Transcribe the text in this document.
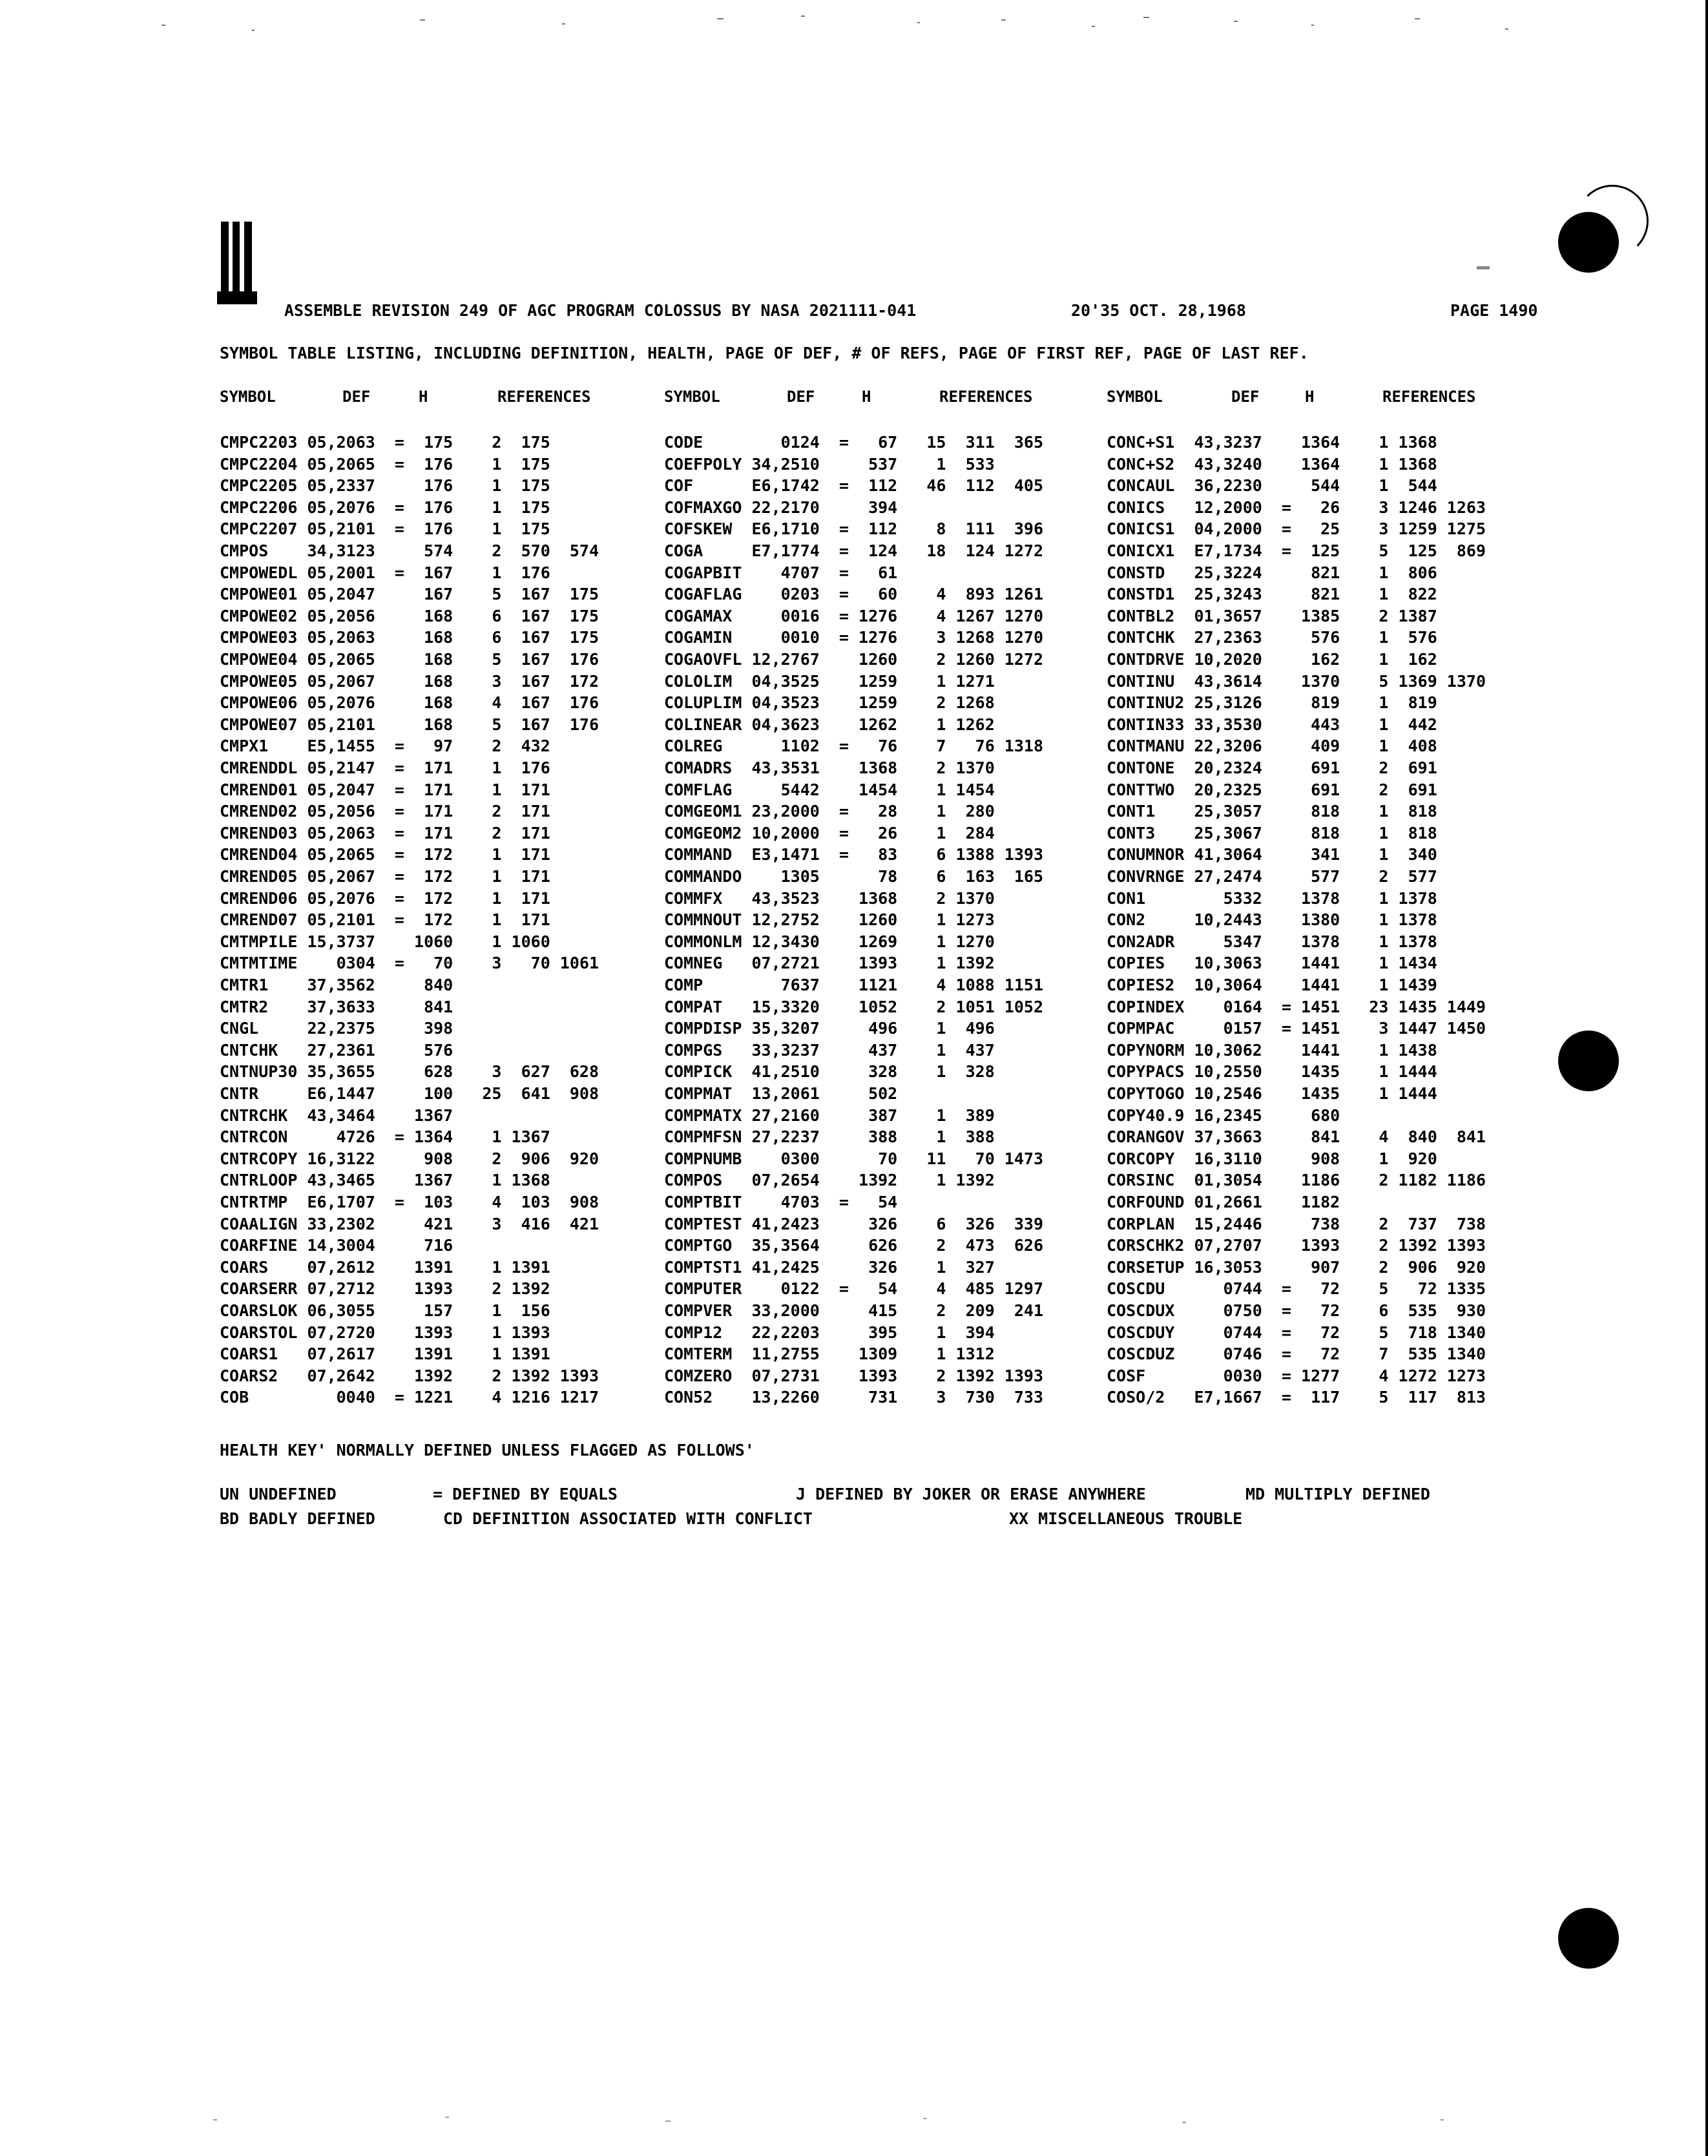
ASSEMBLE REVISION 249 OF AGC PROGRAM COLOSSUS BY NASA 2021111-041	20'35 OCT. 28,1968	PAGE 1490
SYMBOL TABLE LISTING, INCLUDING DEFINITION, HEALTH, PAGE OF DEF, # OF REFS, PAGE OF FIRST REF, PAGE OF LAST REF.
SYMBOL	DEF	H	REFERENCES	SYMBOL	DEF	H	REFERENCES	SYMBOL	DEF	H	REFERENCES
CMPC2203 05,2063  =  175    2  175
CMPC2204 05,2065  =  176    1  175
CMPC2205 05,2337     176    1  175
CMPC2206 05,2076  =  176    1  175
CMPC2207 05,2101  =  176    1  175
CMPOS    34,3123     574    2  570  574
CMPOWEDL 05,2001  =  167    1  176
CMPOWE01 05,2047     167    5  167  175
CMPOWE02 05,2056     168    6  167  175
CMPOWE03 05,2063     168    6  167  175
CMPOWE04 05,2065     168    5  167  176
CMPOWE05 05,2067     168    3  167  172
CMPOWE06 05,2076     168    4  167  176
CMPOWE07 05,2101     168    5  167  176
CMPX1    E5,1455  =   97    2  432
CMRENDDL 05,2147  =  171    1  176
CMREND01 05,2047  =  171    1  171
CMREND02 05,2056  =  171    2  171
CMREND03 05,2063  =  171    2  171
CMREND04 05,2065  =  172    1  171
CMREND05 05,2067  =  172    1  171
CMREND06 05,2076  =  172    1  171
CMREND07 05,2101  =  172    1  171
CMTMPILE 15,3737    1060    1 1060
CMTMTIME    0304  =   70    3   70 1061
CMTR1    37,3562     840
CMTR2    37,3633     841
CNGL     22,2375     398
CNTCHK   27,2361     576
CNTNUP30 35,3655     628    3  627  628
CNTR     E6,1447     100   25  641  908
CNTRCHK  43,3464    1367
CNTRCON     4726  = 1364    1 1367
CNTRCOPY 16,3122     908    2  906  920
CNTRLOOP 43,3465    1367    1 1368
CNTRTMP  E6,1707  =  103    4  103  908
COAALIGN 33,2302     421    3  416  421
COARFINE 14,3004     716
COARS    07,2612    1391    1 1391
COARSERR 07,2712    1393    2 1392
COARSLOK 06,3055     157    1  156
COARSTOL 07,2720    1393    1 1393
COARS1   07,2617    1391    1 1391
COARS2   07,2642    1392    2 1392 1393
COB         0040  = 1221    4 1216 1217
CODE        0124  =   67   15  311  365
COEFPOLY 34,2510     537    1  533
COF      E6,1742  =  112   46  112  405
COFMAXGO 22,2170     394
COFSKEW  E6,1710  =  112    8  111  396
COGA     E7,1774  =  124   18  124 1272
COGAPBIT    4707  =   61
COGAFLAG    0203  =   60    4  893 1261
COGAMAX     0016  = 1276    4 1267 1270
COGAMIN     0010  = 1276    3 1268 1270
COGAOVFL 12,2767    1260    2 1260 1272
COLOLIM  04,3525    1259    1 1271
COLUPLIM 04,3523    1259    2 1268
COLINEAR 04,3623    1262    1 1262
COLREG      1102  =   76    7   76 1318
COMADRS  43,3531    1368    2 1370
COMFLAG     5442    1454    1 1454
COMGEOM1 23,2000  =   28    1  280
COMGEOM2 10,2000  =   26    1  284
COMMAND  E3,1471  =   83    6 1388 1393
COMMANDO    1305      78    6  163  165
COMMFX   43,3523    1368    2 1370
COMMNOUT 12,2752    1260    1 1273
COMMONLM 12,3430    1269    1 1270
COMNEG   07,2721    1393    1 1392
COMP        7637    1121    4 1088 1151
COMPAT   15,3320    1052    2 1051 1052
COMPDISP 35,3207     496    1  496
COMPGS   33,3237     437    1  437
COMPICK  41,2510     328    1  328
COMPMAT  13,2061     502
COMPMATX 27,2160     387    1  389
COMPMFSN 27,2237     388    1  388
COMPNUMB    0300      70   11   70 1473
COMPOS   07,2654    1392    1 1392
COMPTBIT    4703  =   54
COMPTEST 41,2423     326    6  326  339
COMPTGO  35,3564     626    2  473  626
COMPTST1 41,2425     326    1  327
COMPUTER    0122  =   54    4  485 1297
COMPVER  33,2000     415    2  209  241
COMP12   22,2203     395    1  394
COMTERM  11,2755    1309    1 1312
COMZERO  07,2731    1393    2 1392 1393
CON52    13,2260     731    3  730  733
CONC+S1  43,3237    1364    1 1368
CONC+S2  43,3240    1364    1 1368
CONCAUL  36,2230     544    1  544
CONICS   12,2000  =   26    3 1246 1263
CONICS1  04,2000  =   25    3 1259 1275
CONICX1  E7,1734  =  125    5  125  869
CONSTD   25,3224     821    1  806
CONSTD1  25,3243     821    1  822
CONTBL2  01,3657    1385    2 1387
CONTCHK  27,2363     576    1  576
CONTDRVE 10,2020     162    1  162
CONTINU  43,3614    1370    5 1369 1370
CONTINU2 25,3126     819    1  819
CONTIN33 33,3530     443    1  442
CONTMANU 22,3206     409    1  408
CONTONE  20,2324     691    2  691
CONTTWO  20,2325     691    2  691
CONT1    25,3057     818    1  818
CONT3    25,3067     818    1  818
CONUMNOR 41,3064     341    1  340
CONVRNGE 27,2474     577    2  577
CON1        5332    1378    1 1378
CON2     10,2443    1380    1 1378
CON2ADR     5347    1378    1 1378
COPIES   10,3063    1441    1 1434
COPIES2  10,3064    1441    1 1439
COPINDEX    0164  = 1451   23 1435 1449
COPMPAC     0157  = 1451    3 1447 1450
COPYNORM 10,3062    1441    1 1438
COPYPACS 10,2550    1435    1 1444
COPYTOGO 10,2546    1435    1 1444
COPY40.9 16,2345     680
CORANGOV 37,3663     841    4  840  841
CORCOPY  16,3110     908    1  920
CORSINC  01,3054    1186    2 1182 1186
CORFOUND 01,2661    1182
CORPLAN  15,2446     738    2  737  738
CORSCHK2 07,2707    1393    2 1392 1393
CORSETUP 16,3053     907    2  906  920
COSCDU      0744  =   72    5   72 1335
COSCDUX     0750  =   72    6  535  930
COSCDUY     0744  =   72    5  718 1340
COSCDUZ     0746  =   72    7  535 1340
COSF        0030  = 1277    4 1272 1273
COSO/2   E7,1667  =  117    5  117  813
HEALTH KEY' NORMALLY DEFINED UNLESS FLAGGED AS FOLLOWS'
UN UNDEFINED	= DEFINED BY EQUALS	J DEFINED BY JOKER OR ERASE ANYWHERE	MD MULTIPLY DEFINED
BD BADLY DEFINED	CD DEFINITION ASSOCIATED WITH CONFLICT	XX MISCELLANEOUS TROUBLE
